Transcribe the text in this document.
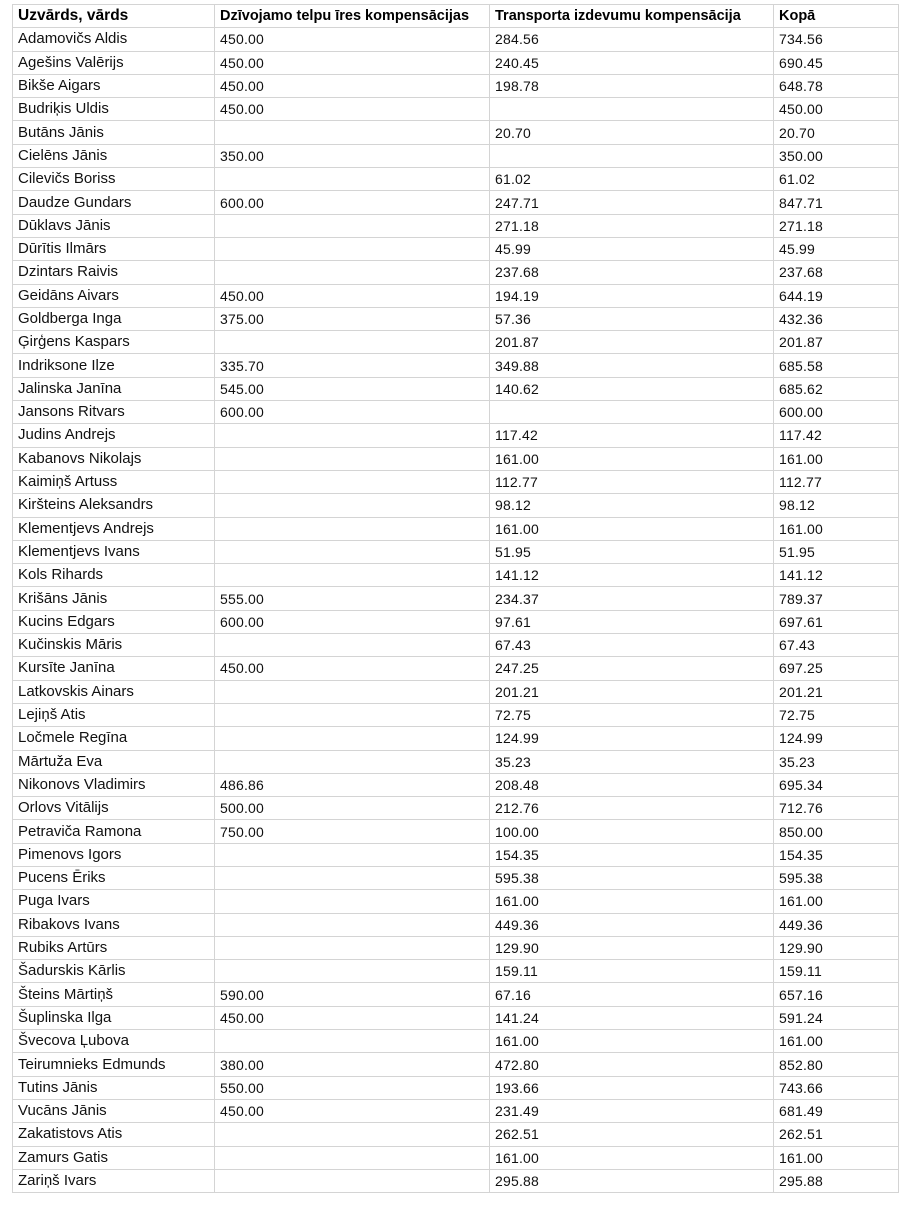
Uzvārds, vārds	Dzīvojamo telpu īres kompensācijas	Transporta izdevumu kompensācija	Kopā
Adamovičs Aldis	450.00	284.56	734.56
Agešins Valērijs	450.00	240.45	690.45
Bikše Aigars	450.00	198.78	648.78
Budriķis Uldis	450.00		450.00
Butāns Jānis		20.70	20.70
Cielēns Jānis	350.00		350.00
Cilevičs Boriss		61.02	61.02
Daudze Gundars	600.00	247.71	847.71
Dūklavs Jānis		271.18	271.18
Dūrītis Ilmārs		45.99	45.99
Dzintars Raivis		237.68	237.68
Geidāns Aivars	450.00	194.19	644.19
Goldberga Inga	375.00	57.36	432.36
Ģirģens Kaspars		201.87	201.87
Indriksone Ilze	335.70	349.88	685.58
Jalinska Janīna	545.00	140.62	685.62
Jansons Ritvars	600.00		600.00
Judins Andrejs		117.42	117.42
Kabanovs Nikolajs		161.00	161.00
Kaimiņš Artuss		112.77	112.77
Kiršteins Aleksandrs		98.12	98.12
Klementjevs Andrejs		161.00	161.00
Klementjevs Ivans		51.95	51.95
Kols Rihards		141.12	141.12
Krišāns Jānis	555.00	234.37	789.37
Kucins Edgars	600.00	97.61	697.61
Kučinskis Māris		67.43	67.43
Kursīte Janīna	450.00	247.25	697.25
Latkovskis Ainars		201.21	201.21
Lejiņš Atis		72.75	72.75
Ločmele Regīna		124.99	124.99
Mārtuža Eva		35.23	35.23
Nikonovs Vladimirs	486.86	208.48	695.34
Orlovs Vitālijs	500.00	212.76	712.76
Petraviča Ramona	750.00	100.00	850.00
Pimenovs Igors		154.35	154.35
Pucens Ēriks		595.38	595.38
Puga Ivars		161.00	161.00
Ribakovs Ivans		449.36	449.36
Rubiks Artūrs		129.90	129.90
Šadurskis Kārlis		159.11	159.11
Šteins Mārtiņš	590.00	67.16	657.16
Šuplinska Ilga	450.00	141.24	591.24
Švecova Ļubova		161.00	161.00
Teirumnieks Edmunds	380.00	472.80	852.80
Tutins Jānis	550.00	193.66	743.66
Vucāns Jānis	450.00	231.49	681.49
Zakatistovs Atis		262.51	262.51
Zamurs Gatis		161.00	161.00
Zariņš Ivars		295.88	295.88
